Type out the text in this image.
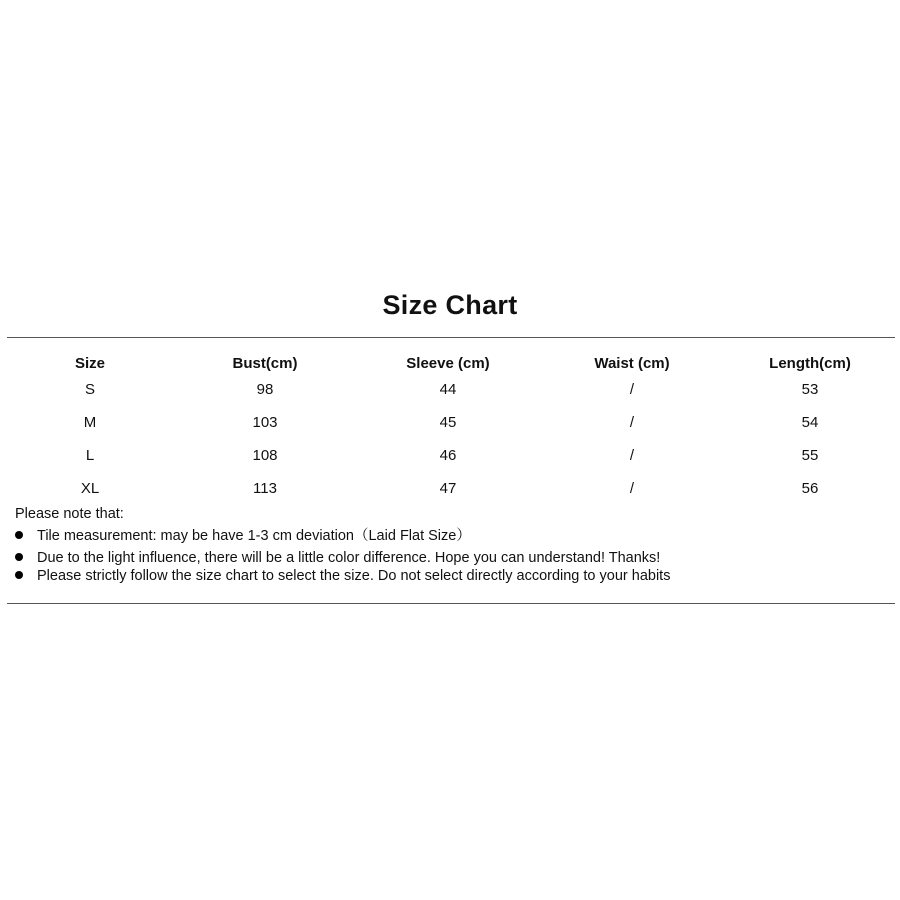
Size Chart
Size	Bust(cm)	Sleeve (cm)	Waist (cm)	Length(cm)
S	98	44	/	53
M	103	45	/	54
L	108	46	/	55
XL	113	47	/	56
Please note that:
Tile measurement: may be have 1-3 cm deviation（Laid Flat Size）
Due to the light influence, there will be a little color difference. Hope you can understand! Thanks!
Please strictly follow the size chart to select the size. Do not select directly according to your habits
